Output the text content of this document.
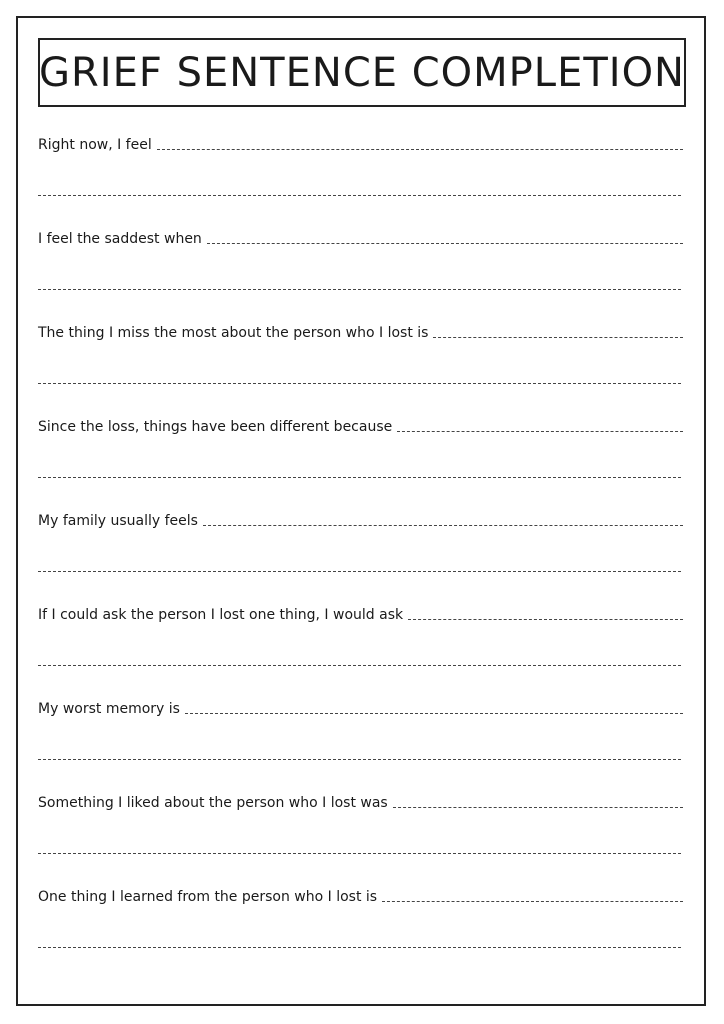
GRIEF SENTENCE COMPLETION
Right now, I feel
I feel the saddest when
The thing I miss the most about the person who I lost is
Since the loss, things have been different because
My family usually feels
If I could ask the person I lost one thing, I would ask
My worst memory is
Something I liked about the person who I lost was
One thing I learned from the person who I lost is
